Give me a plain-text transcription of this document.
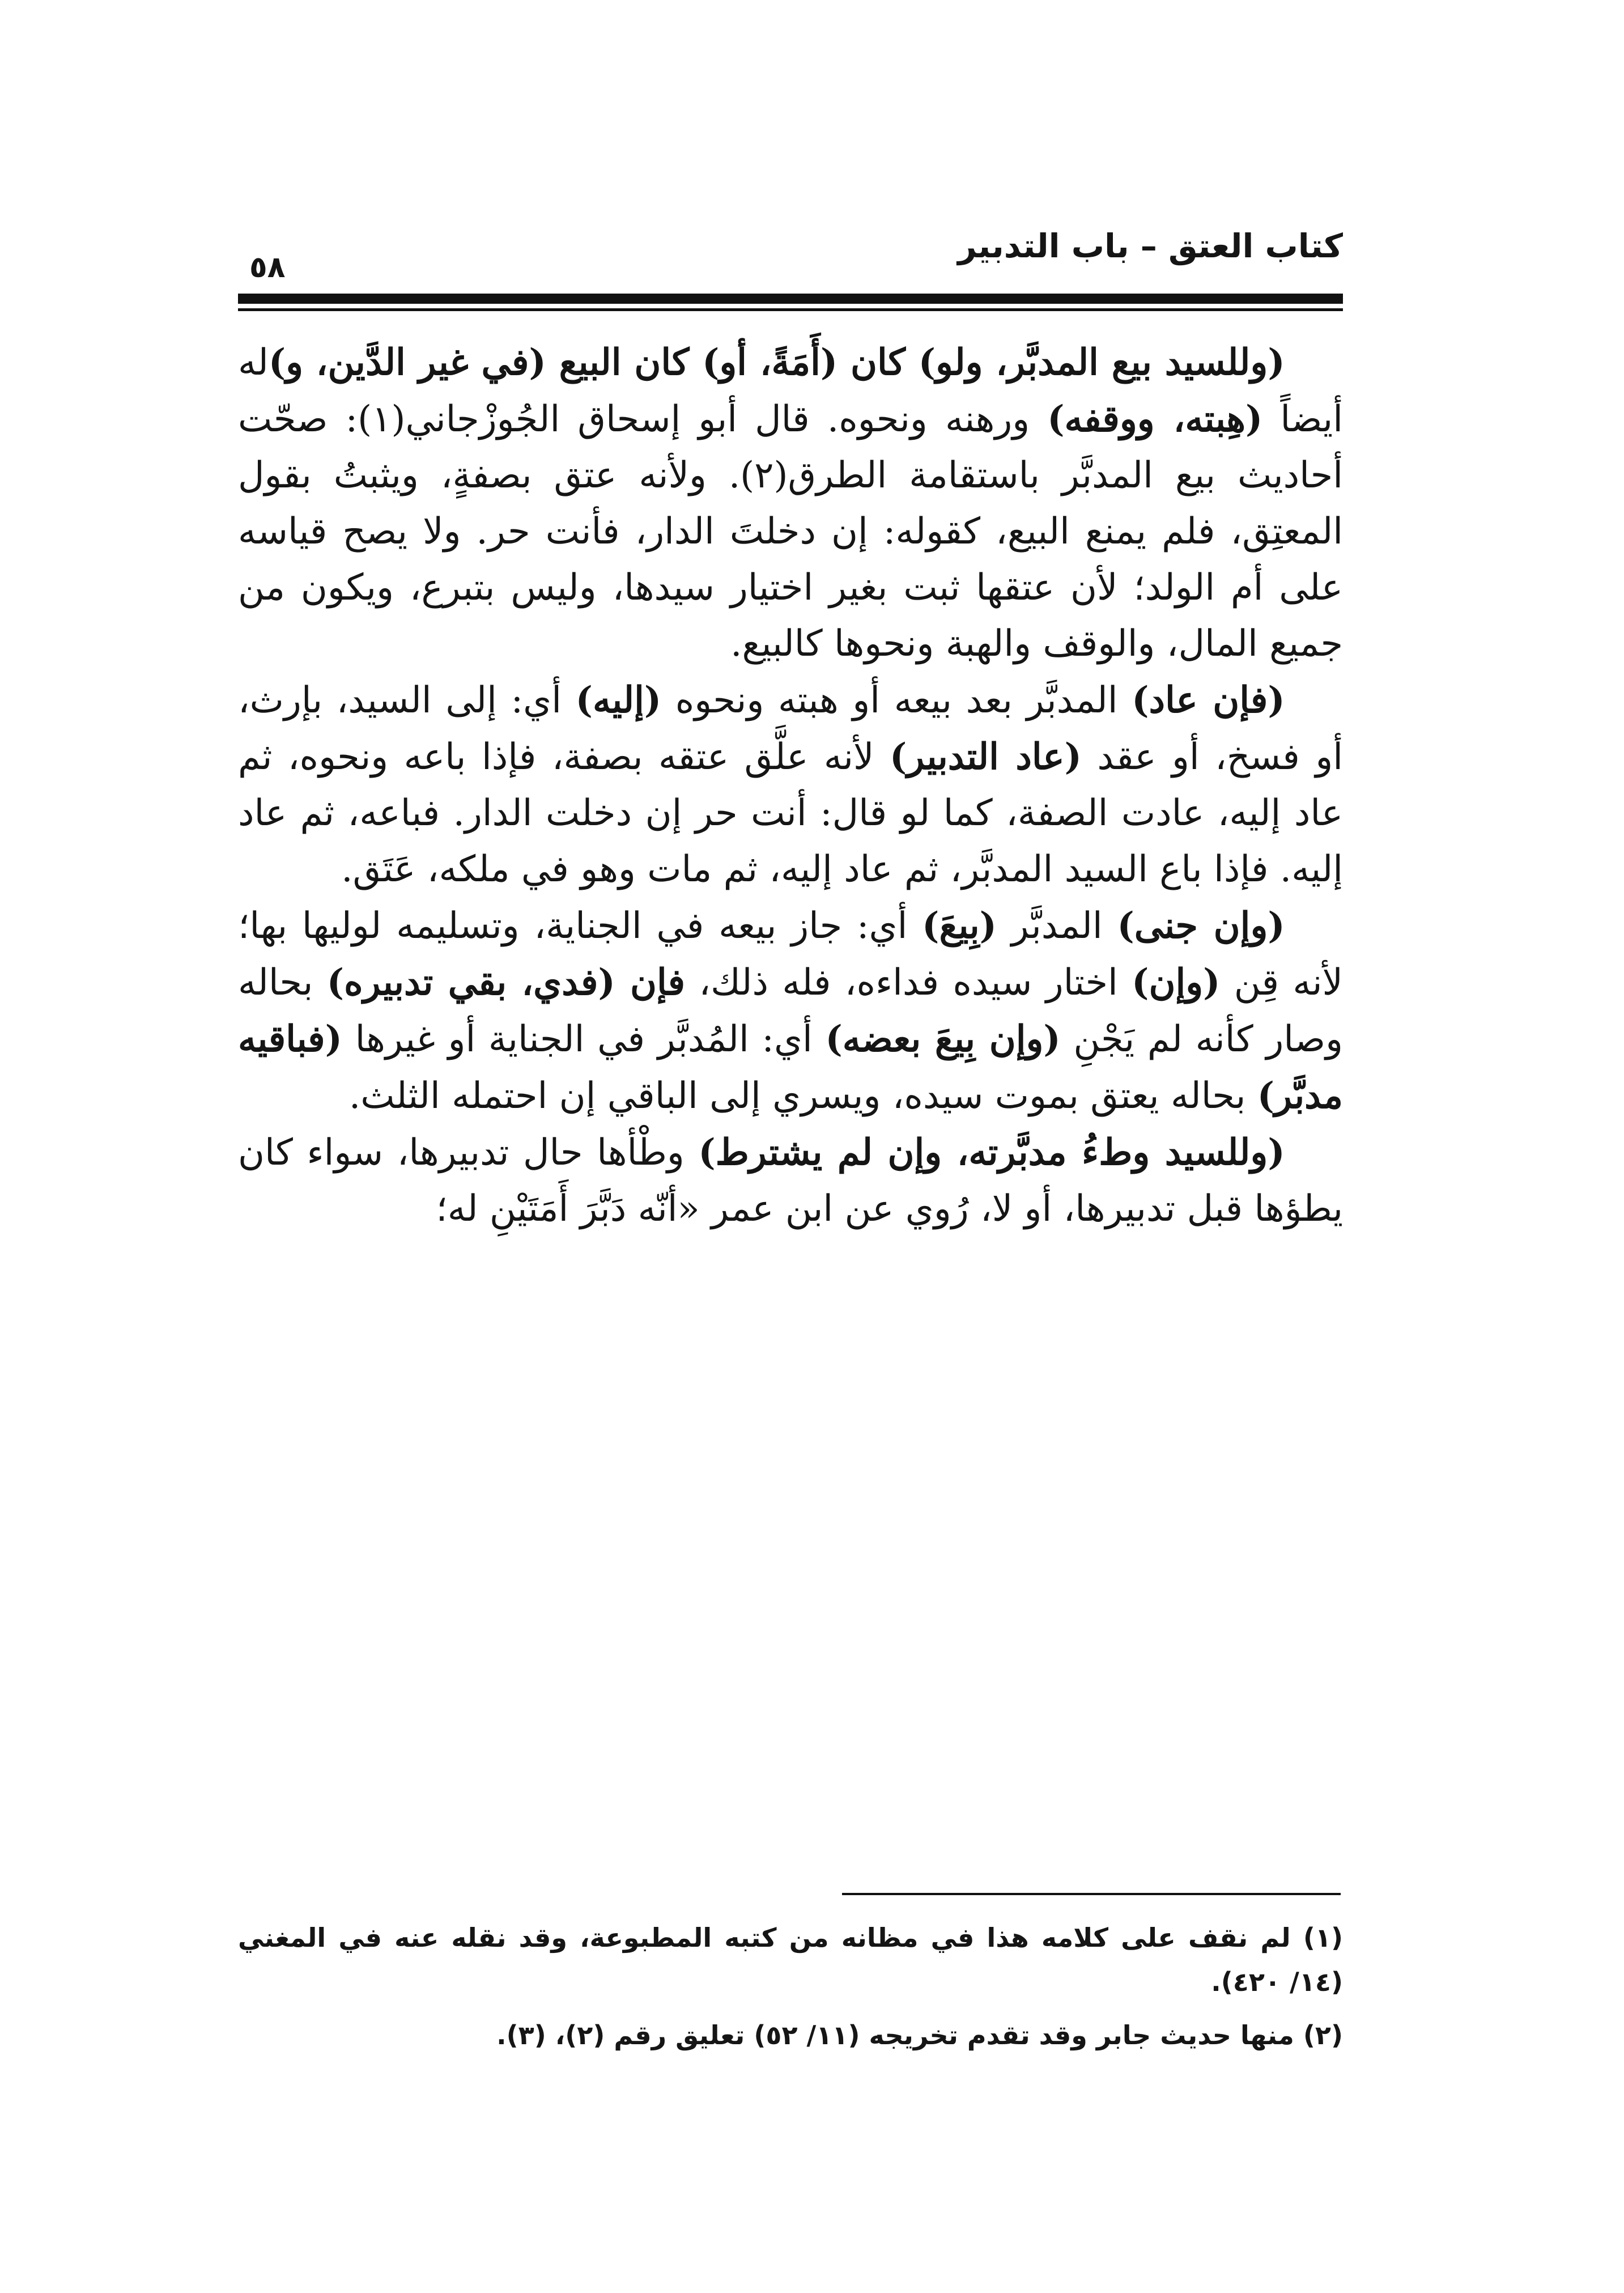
كتاب العتق – باب التدبير
٥٨

(وللسيد بيع المدبَّر، ولو) كان (أَمَةً، أو) كان البيع (في غير الدَّين، و)له أيضاً (هِبته، ووقفه) ورهنه ونحوه. قال أبو إسحاق الجُوزْجاني(١): صحّت أحاديث بيع المدبَّر باستقامة الطرق(٢). ولأنه عتق بصفةٍ، ويثبتُ بقول المعتِق، فلم يمنع البيع، كقوله: إن دخلتَ الدار، فأنت حر. ولا يصح قياسه على أم الولد؛ لأن عتقها ثبت بغير اختيار سيدها، وليس بتبرع، ويكون من جميع المال، والوقف والهبة ونحوها كالبيع.

(فإن عاد) المدبَّر بعد بيعه أو هبته ونحوه (إليه) أي: إلى السيد، بإرث، أو فسخ، أو عقد (عاد التدبير) لأنه علَّق عتقه بصفة، فإذا باعه ونحوه، ثم عاد إليه، عادت الصفة، كما لو قال: أنت حر إن دخلت الدار. فباعه، ثم عاد إليه. فإذا باع السيد المدبَّر، ثم عاد إليه، ثم مات وهو في ملكه، عَتَق.

(وإن جنى) المدبَّر (بِيعَ) أي: جاز بيعه في الجناية، وتسليمه لوليها بها؛ لأنه قِن (وإن) اختار سيده فداءه، فله ذلك، فإن (فدي، بقي تدبيره) بحاله وصار كأنه لم يَجْنِ (وإن بِيعَ بعضه) أي: المُدبَّر في الجناية أو غيرها (فباقيه مدبَّر) بحاله يعتق بموت سيده، ويسري إلى الباقي إن احتمله الثلث.

(وللسيد وطءُ مدبَّرته، وإن لم يشترط) وطْأها حال تدبيرها، سواء كان يطؤها قبل تدبيرها، أو لا، رُوي عن ابن عمر «أنّه دَبَّرَ أَمَتَيْنِ له؛

(١) لم نقف على كلامه هذا في مظانه من كتبه المطبوعة، وقد نقله عنه في المغني (١٤/ ٤٢٠).

(٢) منها حديث جابر وقد تقدم تخريجه (١١/ ٥٢) تعليق رقم (٢)، (٣).
